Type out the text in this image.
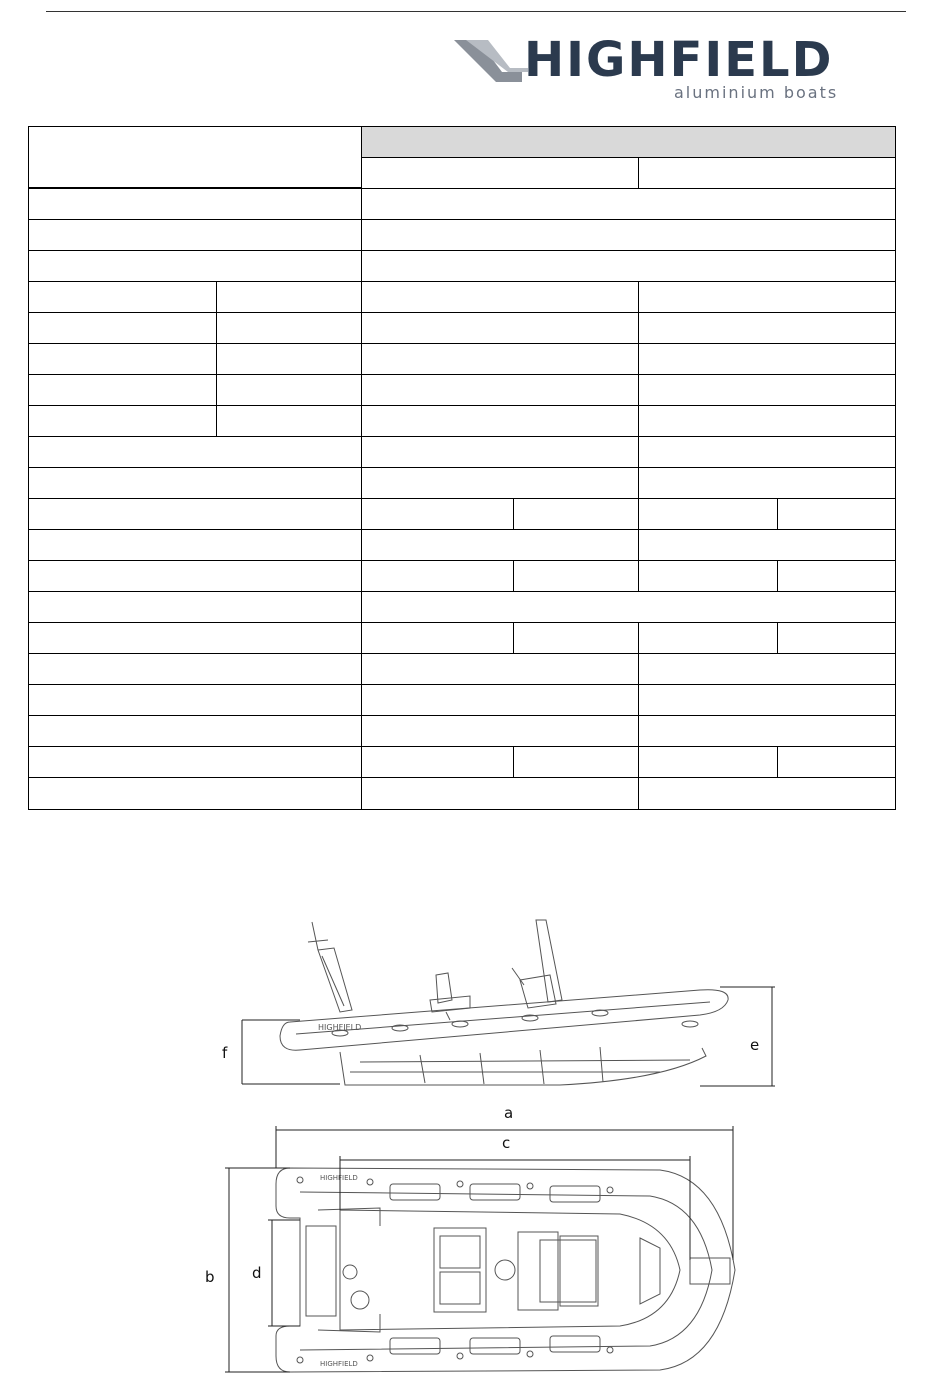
HIGHFIELD
aluminium boats
HIGHFIELD
HIGHFIELD
HIGHFIELD
f	e
a
c
b d
